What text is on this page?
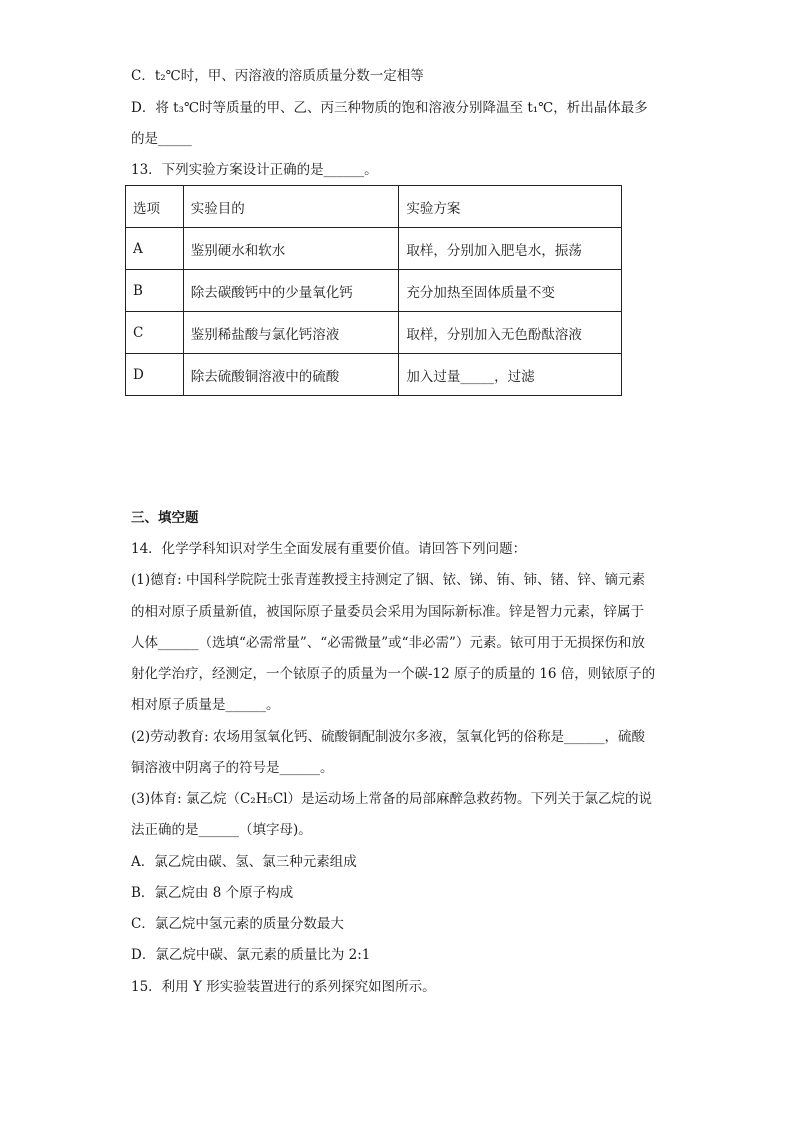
C．t₂℃时，甲、丙溶液的溶质质量分数一定相等
D．将 t₃℃时等质量的甲、乙、丙三种物质的饱和溶液分别降温至 t₁℃，析出晶体最多
的是_____
13．下列实验方案设计正确的是______。
选项	实验目的	实验方案
A	鉴别硬水和软水	取样，分别加入肥皂水，振荡
B	除去碳酸钙中的少量氧化钙	充分加热至固体质量不变
C	鉴别稀盐酸与氯化钙溶液	取样，分别加入无色酚酞溶液
D	除去硫酸铜溶液中的硫酸	加入过量_____，过滤
三、填空题
14．化学学科知识对学生全面发展有重要价值。请回答下列问题：
(1)德育: 中国科学院院士张青莲教授主持测定了铟、铱、锑、铕、铈、锗、锌、镝元素
的相对原子质量新值，被国际原子量委员会采用为国际新标准。锌是智力元素，锌属于
人体______（选填“必需常量”、“必需微量”或“非必需”）元素。铱可用于无损探伤和放
射化学治疗，经测定，一个铱原子的质量为一个碳-12 原子的质量的 16 倍，则铱原子的
相对原子质量是______。
(2)劳动教育: 农场用氢氧化钙、硫酸铜配制波尔多液，氢氧化钙的俗称是______，硫酸
铜溶液中阴离子的符号是______。
(3)体育: 氯乙烷（C₂H₅Cl）是运动场上常备的局部麻醉急救药物。下列关于氯乙烷的说
法正确的是______（填字母)。
A．氯乙烷由碳、氢、氯三种元素组成
B．氯乙烷由 8 个原子构成
C．氯乙烷中氢元素的质量分数最大
D．氯乙烷中碳、氯元素的质量比为 2:1
15．利用 Y 形实验装置进行的系列探究如图所示。
